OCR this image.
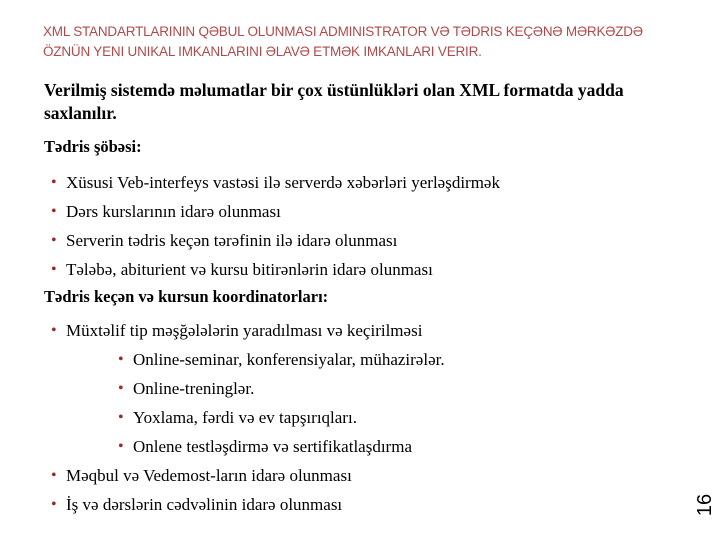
XML STANDARTLARININ QƏBUL OLUNMASI ADMINISTRATOR VƏ TƏDRIS KEÇƏNƏ MƏRKƏZDƏ ÖZNÜN YENI UNIKAL IMKANLARINI ƏLAVƏ ETMƏK IMKANLARI VERIR.
Verilmiş sistemdə məlumatlar bir çox üstünlükləri olan XML formatda yadda saxlanılır.
Tədris şöbəsi:
• Xüsusi Veb-interfeys vastəsi ilə serverdə xəbərləri yerləşdirmək
• Dərs kurslarının idarə olunması
• Serverin tədris keçən tərəfinin ilə idarə olunması
• Tələbə, abiturient və kursu bitirənlərin idarə olunması
Tədris keçən və kursun koordinatorları:
• Müxtəlif tip məşğələlərin yaradılması və keçirilməsi
• Online-seminar, konferensiyalar, mühazirələr.
• Online-treninglər.
• Yoxlama, fərdi və ev tapşırıqları.
• Onlene testləşdirmə və sertifikatlaşdırma
• Məqbul və Vedemost-ların idarə olunması
• İş və dərslərin cədvəlinin idarə olunması	16
